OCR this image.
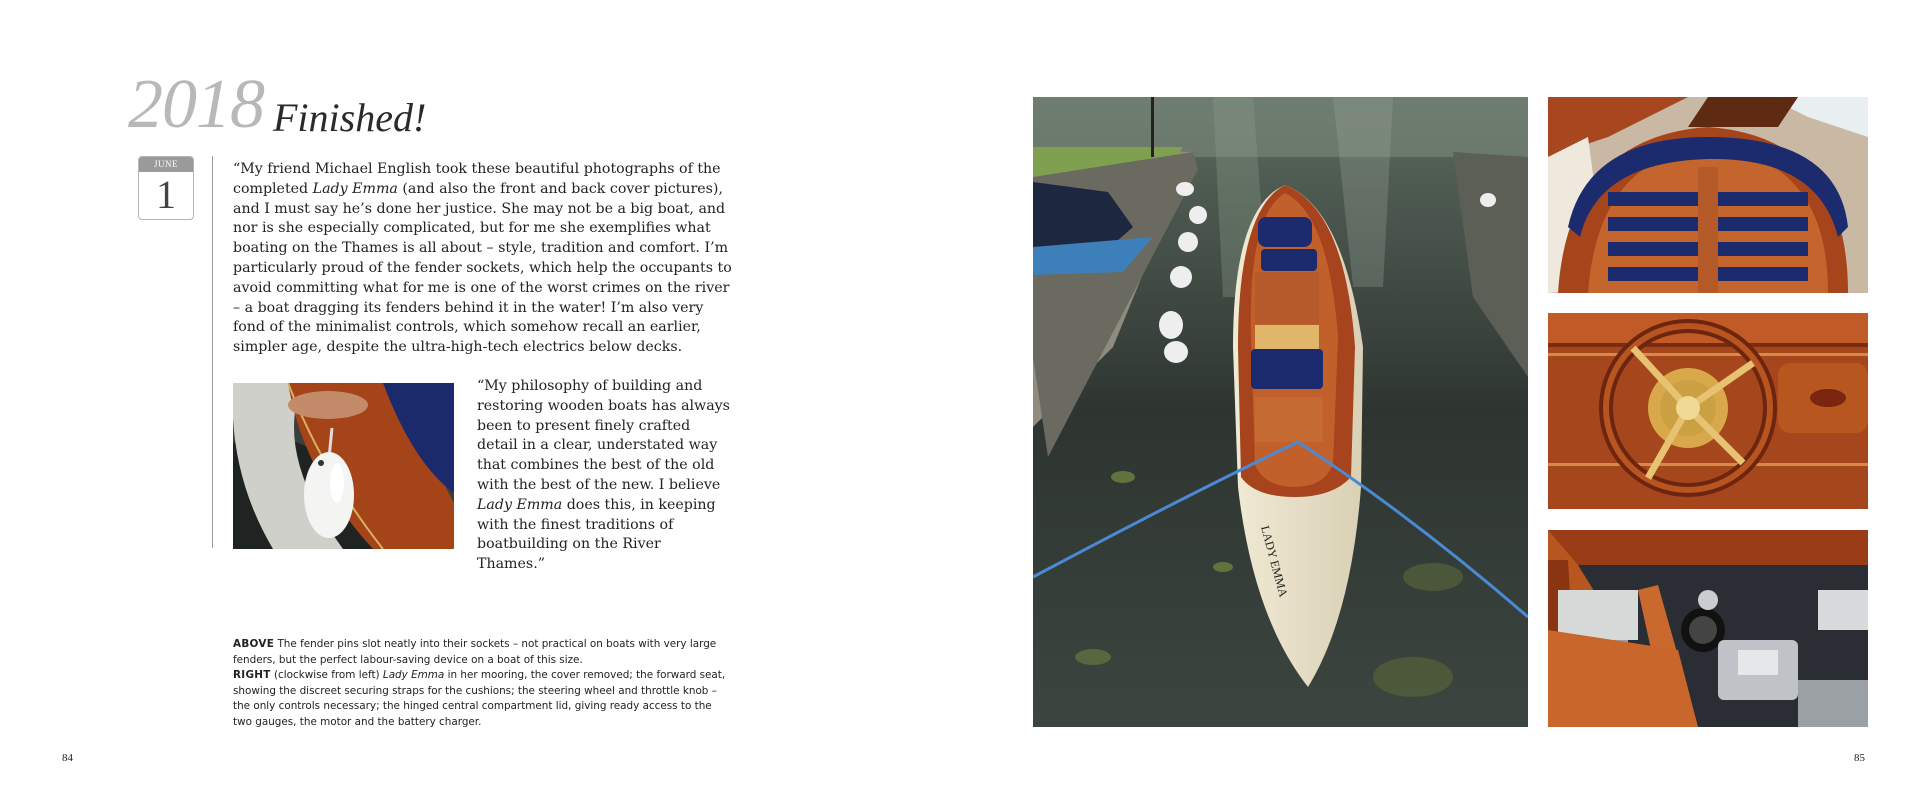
2018 Finished!
JUNE
1
“My friend Michael English took these beautiful photographs of the completed Lady Emma (and also the front and back cover pictures), and I must say he’s done her justice. She may not be a big boat, and nor is she especially complicated, but for me she exemplifies what boating on the Thames is all about – style, tradition and comfort. I’m particularly proud of the fender sockets, which help the occupants to avoid committing what for me is one of the worst crimes on the river – a boat dragging its fenders behind it in the water! I’m also very fond of the minimalist controls, which somehow recall an earlier, simpler age, despite the ultra-high-tech electrics below decks.
“My philosophy of building and restoring wooden boats has always been to present finely crafted detail in a clear, understated way that combines the best of the old with the best of the new. I believe Lady Emma does this, in keeping with the finest traditions of boatbuilding on the River Thames.”
ABOVE The fender pins slot neatly into their sockets – not practical on boats with very large fenders, but the perfect labour-saving device on a boat of this size.
RIGHT (clockwise from left) Lady Emma in her mooring, the cover removed; the forward seat, showing the discreet securing straps for the cushions; the steering wheel and throttle knob – the only controls necessary; the hinged central compartment lid, giving ready access to the two gauges, the motor and the battery charger.
84
LADY EMMA
85
